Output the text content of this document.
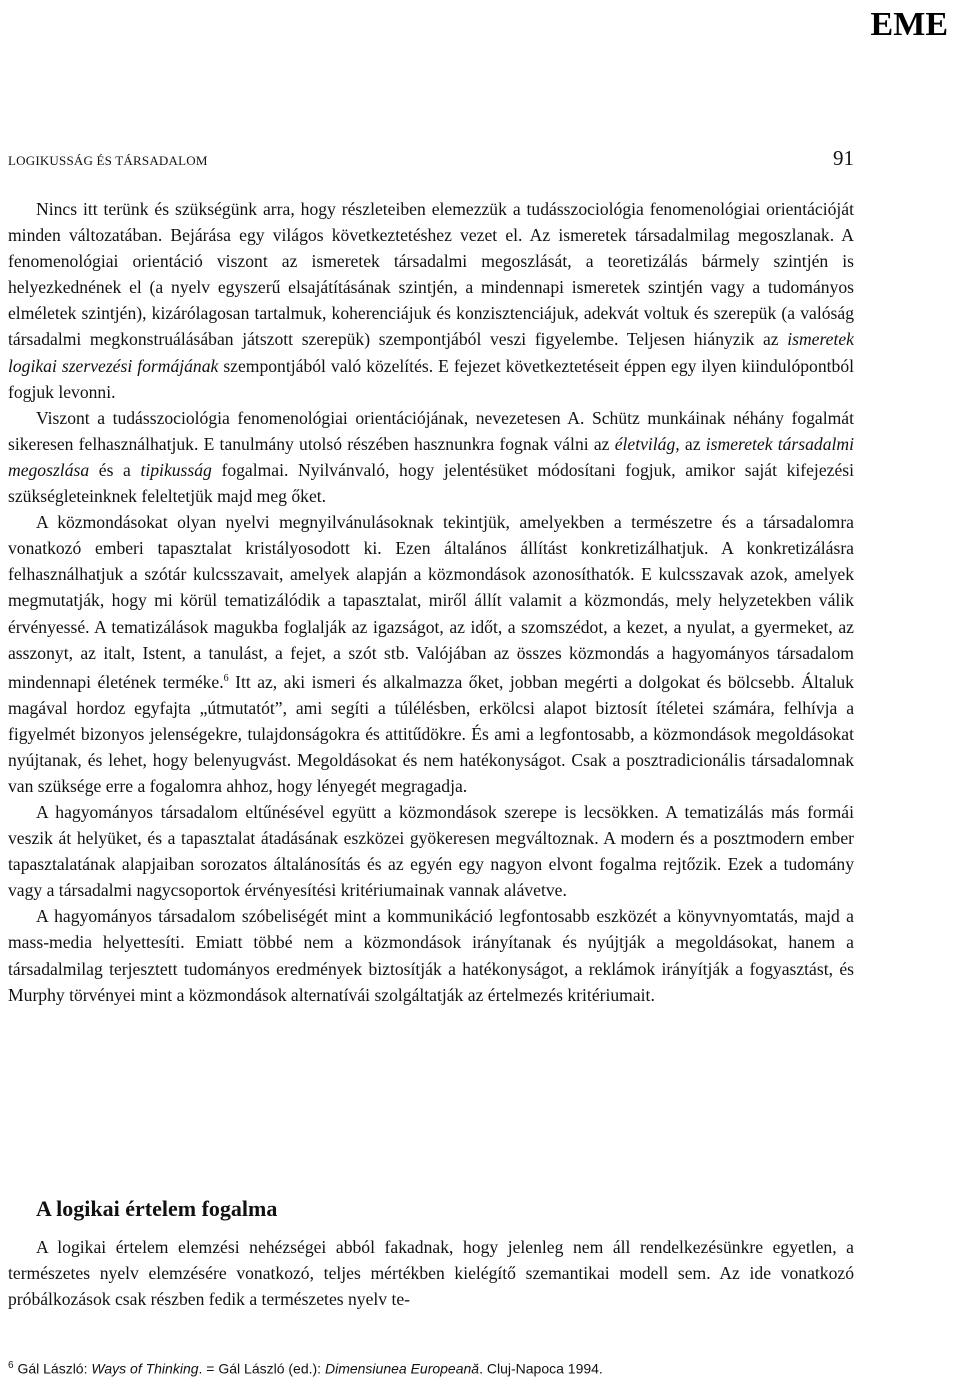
EME
LOGIKUSSÁG ÉS TÁRSADALOM	91

Nincs itt terünk és szükségünk arra, hogy részleteiben elemezzük a tudásszociológia fenomenológiai orientációját minden változatában. Bejárása egy világos következtetéshez vezet el. Az ismeretek társadalmilag megoszlanak. A fenomenológiai orientáció viszont az ismeretek társadalmi megoszlását, a teoretizálás bármely szintjén is helyezkednének el (a nyelv egyszerű elsajátításának szintjén, a mindennapi ismeretek szintjén vagy a tudományos elméletek szintjén), kizárólagosan tartalmuk, koherenciájuk és konzisztenciájuk, adekvát voltuk és szerepük (a valóság társadalmi megkonstruálásában játszott szerepük) szempontjából veszi figyelembe. Teljesen hiányzik az ismeretek logikai szervezési formájának szempontjából való közelítés. E fejezet következtetéseit éppen egy ilyen kiindulópontból fogjuk levonni.

Viszont a tudásszociológia fenomenológiai orientációjának, nevezetesen A. Schütz munkáinak néhány fogalmát sikeresen felhasználhatjuk. E tanulmány utolsó részében hasznunkra fognak válni az életvilág, az ismeretek társadalmi megoszlása és a tipikusság fogalmai. Nyilvánvaló, hogy jelentésüket módosítani fogjuk, amikor saját kifejezési szükségleteinknek feleltetjük majd meg őket.

A közmondásokat olyan nyelvi megnyilvánulásoknak tekintjük, amelyekben a természetre és a társadalomra vonatkozó emberi tapasztalat kristályosodott ki. Ezen általános állítást konkretizálhatjuk. A konkretizálásra felhasználhatjuk a szótár kulcsszavait, amelyek alapján a közmondások azonosíthatók. E kulcsszavak azok, amelyek megmutatják, hogy mi körül tematizálódik a tapasztalat, miről állít valamit a közmondás, mely helyzetekben válik érvényessé. A tematizálások magukba foglalják az igazságot, az időt, a szomszédot, a kezet, a nyulat, a gyermeket, az asszonyt, az italt, Istent, a tanulást, a fejet, a szót stb. Valójában az összes közmondás a hagyományos társadalom mindennapi életének terméke.$^6$ Itt az, aki ismeri és alkalmazza őket, jobban megérti a dolgokat és bölcsebb. Általuk magával hordoz egyfajta „útmutatót”, ami segíti a túlélésben, erkölcsi alapot biztosít ítéletei számára, felhívja a figyelmét bizonyos jelenségekre, tulajdonságokra és attitűdökre. És ami a legfontosabb, a közmondások megoldásokat nyújtanak, és lehet, hogy belenyugvást. Megoldásokat és nem hatékonyságot. Csak a posztradicionális társadalomnak van szüksége erre a fogalomra ahhoz, hogy lényegét megragadja.

A hagyományos társadalom eltűnésével együtt a közmondások szerepe is lecsökken. A tematizálás más formái veszik át helyüket, és a tapasztalat átadásának eszközei gyökeresen megváltoznak. A modern és a posztmodern ember tapasztalatának alapjaiban sorozatos általánosítás és az egyén egy nagyon elvont fogalma rejtőzik. Ezek a tudomány vagy a társadalmi nagycsoportok érvényesítési kritériumainak vannak alávetve.

A hagyományos társadalom szóbeliségét mint a kommunikáció legfontosabb eszközét a könyvnyomtatás, majd a mass-media helyettesíti. Emiatt többé nem a közmondások irányítanak és nyújtják a megoldásokat, hanem a társadalmilag terjesztett tudományos eredmények biztosítják a hatékonyságot, a reklámok irányítják a fogyasztást, és Murphy törvényei mint a közmondások alternatívái szolgáltatják az értelmezés kritériumait.

A logikai értelem fogalma

A logikai értelem elemzési nehézségei abból fakadnak, hogy jelenleg nem áll rendelkezésünkre egyetlen, a természetes nyelv elemzésére vonatkozó, teljes mértékben kielégítő szemantikai modell sem. Az ide vonatkozó próbálkozások csak részben fedik a természetes nyelv te-

$^6$ Gál László: Ways of Thinking. = Gál László (ed.): Dimensiunea Europeană. Cluj-Napoca 1994.
